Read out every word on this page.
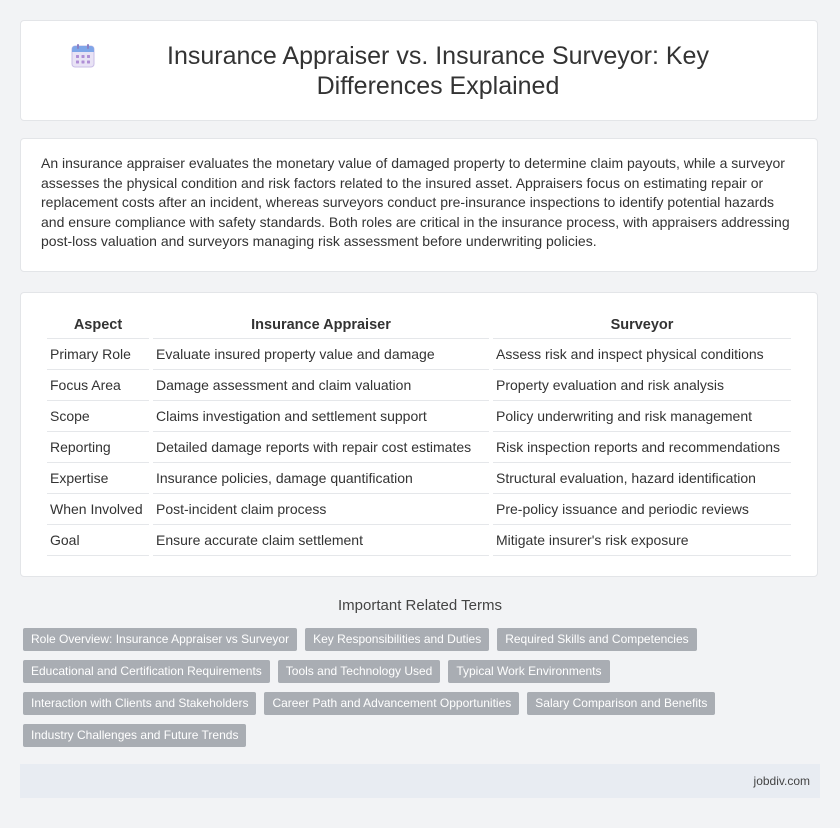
Insurance Appraiser vs. Insurance Surveyor: Key Differences Explained

An insurance appraiser evaluates the monetary value of damaged property to determine claim payouts, while a surveyor assesses the physical condition and risk factors related to the insured asset. Appraisers focus on estimating repair or replacement costs after an incident, whereas surveyors conduct pre-insurance inspections to identify potential hazards and ensure compliance with safety standards. Both roles are critical in the insurance process, with appraisers addressing post-loss valuation and surveyors managing risk assessment before underwriting policies.

Aspect	Insurance Appraiser	Surveyor
Primary Role	Evaluate insured property value and damage	Assess risk and inspect physical conditions
Focus Area	Damage assessment and claim valuation	Property evaluation and risk analysis
Scope	Claims investigation and settlement support	Policy underwriting and risk management
Reporting	Detailed damage reports with repair cost estimates	Risk inspection reports and recommendations
Expertise	Insurance policies, damage quantification	Structural evaluation, hazard identification
When Involved	Post-incident claim process	Pre-policy issuance and periodic reviews
Goal	Ensure accurate claim settlement	Mitigate insurer's risk exposure
Important Related Terms
Role Overview: Insurance Appraiser vs Surveyor	Key Responsibilities and Duties	Required Skills and Competencies
Educational and Certification Requirements	Tools and Technology Used	Typical Work Environments
Interaction with Clients and Stakeholders	Career Path and Advancement Opportunities	Salary Comparison and Benefits
Industry Challenges and Future Trends
jobdiv.com
